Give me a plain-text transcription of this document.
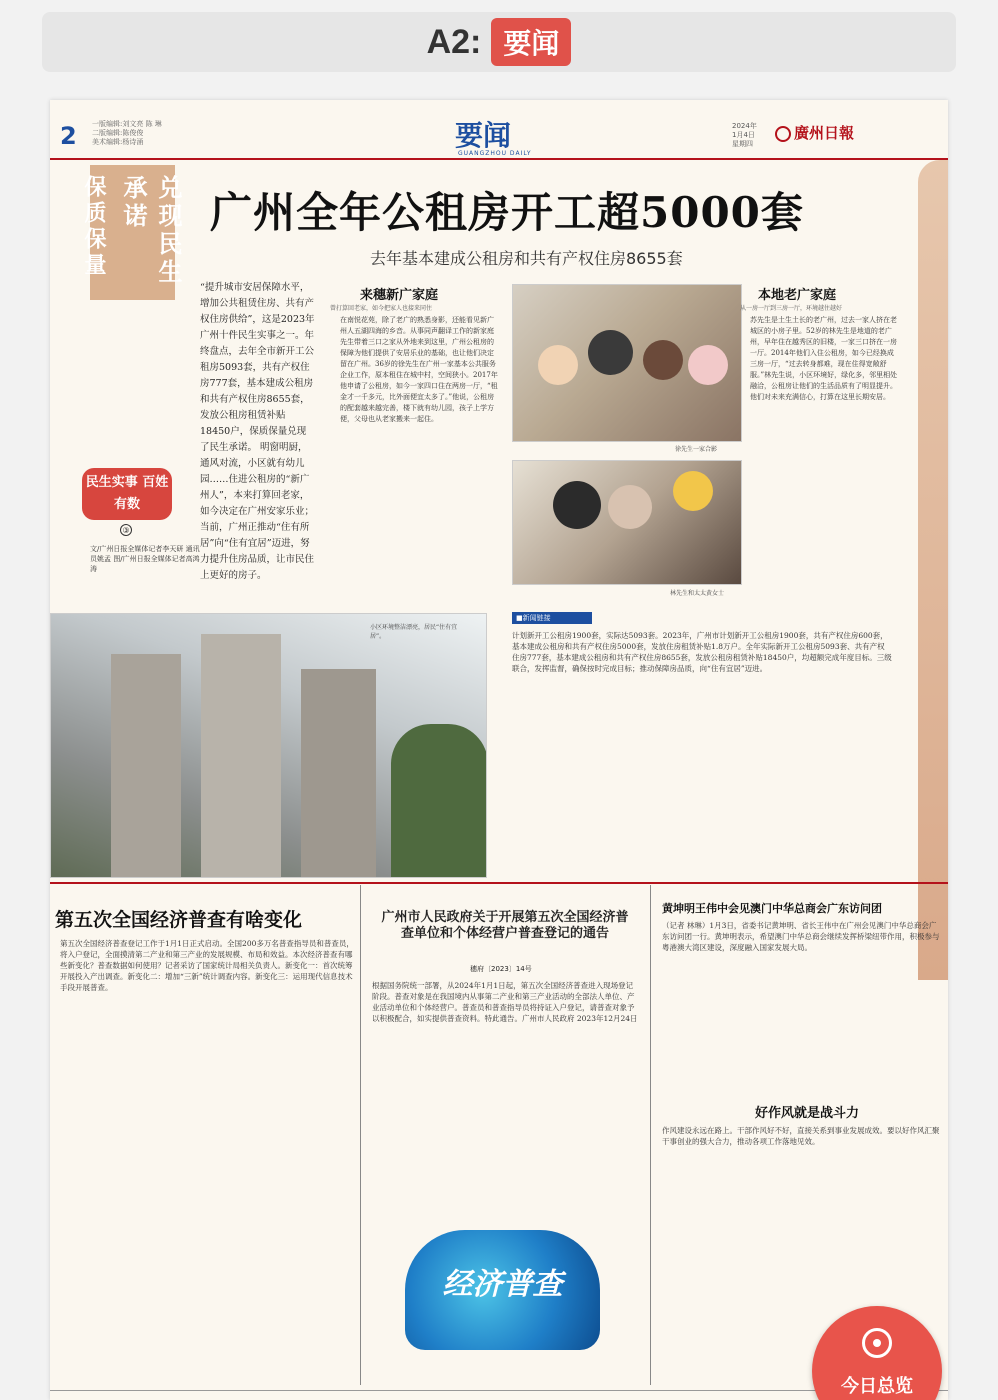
A2: 要闻
2 一版编辑:刘文亮 陈 琳
二版编辑:陈俊俊
美术编辑:杨诗涌	要闻
GUANGZHOU DAILY
2024年
1月4日
星期四
廣州日報
兑现民生承诺
保质保量 广州全年公租房开工超5000套
去年基本建成公租房和共有产权住房8655套
“提升城市安居保障水平，增加公共租赁住房、共有产权住房供给”，这是2023年广州十件民生实事之一。年终盘点，去年全市新开工公租房5093套，共有产权住房777套，基本建成公租房和共有产权住房8655套，发放公租房租赁补贴18450户，保质保量兑现了民生承诺。 明窗明厨，通风对流，小区就有幼儿园……住进公租房的“新广州人”，本来打算回老家，如今决定在广州安家乐业；当前，广州正推动“住有所居”向“住有宜居”迈进，努力提升住房品质，让市民住上更好的房子。
民生实事 百姓有数
③
文/广州日报全媒体记者李天研 通讯员姚孟 图/广州日报全媒体记者高鸿涛
来穗新广家庭
曾打算回老家，如今把家人也接来同住
在南悦花苑，除了老广的熟悉身影，还能看见新广州人五湖四海的乡音。从事同声翻译工作的新家庭先生带着三口之家从外地来到这里，广州公租房的保障为他们提供了安居乐业的基础，也让他们决定留在广州。36岁的徐先生在广州一家基本公共服务企业工作，原本租住在城中村，空间狭小。2017年他申请了公租房，如今一家四口住在两房一厅，“租金才一千多元，比外面便宜太多了。”他说，公租房的配套越来越完善，楼下就有幼儿园，孩子上学方便，父母也从老家搬来一起住。
徐先生一家合影
林先生和太太黄女士
本地老广家庭
从一房一厅到三房一厅，环境越住越好
苏先生是土生土长的老广州，过去一家人挤在老城区的小房子里。52岁的林先生是地道的老广州，早年住在越秀区的旧楼，一家三口挤在一房一厅。2014年他们入住公租房，如今已经换成三房一厅，“过去转身都难，现在住得宽敞舒服。”林先生说，小区环境好，绿化多，邻里相处融洽，公租房让他们的生活品质有了明显提升。他们对未来充满信心，打算在这里长期安居。
小区环境整洁漂亮，居民“住有宜居”。
■新闻链接
计划新开工公租房1900套，实际达5093套。2023年，广州市计划新开工公租房1900套，共有产权住房600套，基本建成公租房和共有产权住房5000套，发放住房租赁补贴1.8万户。全年实际新开工公租房5093套、共有产权住房777套，基本建成公租房和共有产权住房8655套，发放公租房租赁补贴18450户，均超额完成年度目标。三级联合，发挥监督，确保按时完成目标；推动保障房品质，向“住有宜居”迈进。
第五次全国经济普查有啥变化
第五次全国经济普查登记工作于1月1日正式启动。全国200多万名普查指导员和普查员，将入户登记，全面摸清第二产业和第三产业的发展规模、布局和效益。本次经济普查有哪些新变化？普查数据如何使用？记者采访了国家统计局相关负责人。新变化一：首次统筹开展投入产出调查。新变化二：增加“三新”统计调查内容。新变化三：运用现代信息技术手段开展普查。
广州市人民政府关于开展第五次全国经济普查单位和个体经营户普查登记的通告
穗府〔2023〕14号
根据国务院统一部署，从2024年1月1日起，第五次全国经济普查进入现场登记阶段。普查对象是在我国境内从事第二产业和第三产业活动的全部法人单位、产业活动单位和个体经营户。普查员和普查指导员将持证入户登记，请普查对象予以积极配合，如实提供普查资料。特此通告。广州市人民政府 2023年12月24日
经济普查
黄坤明王伟中会见澳门中华总商会广东访问团
（记者 林琳）1月3日，省委书记黄坤明、省长王伟中在广州会见澳门中华总商会广东访问团一行。黄坤明表示，希望澳门中华总商会继续发挥桥梁纽带作用，积极参与粤港澳大湾区建设，深度融入国家发展大局。
好作风就是战斗力
作风建设永远在路上。干部作风好不好，直接关系到事业发展成效。要以好作风汇聚干事创业的强大合力，推动各项工作落地见效。
今日总览
